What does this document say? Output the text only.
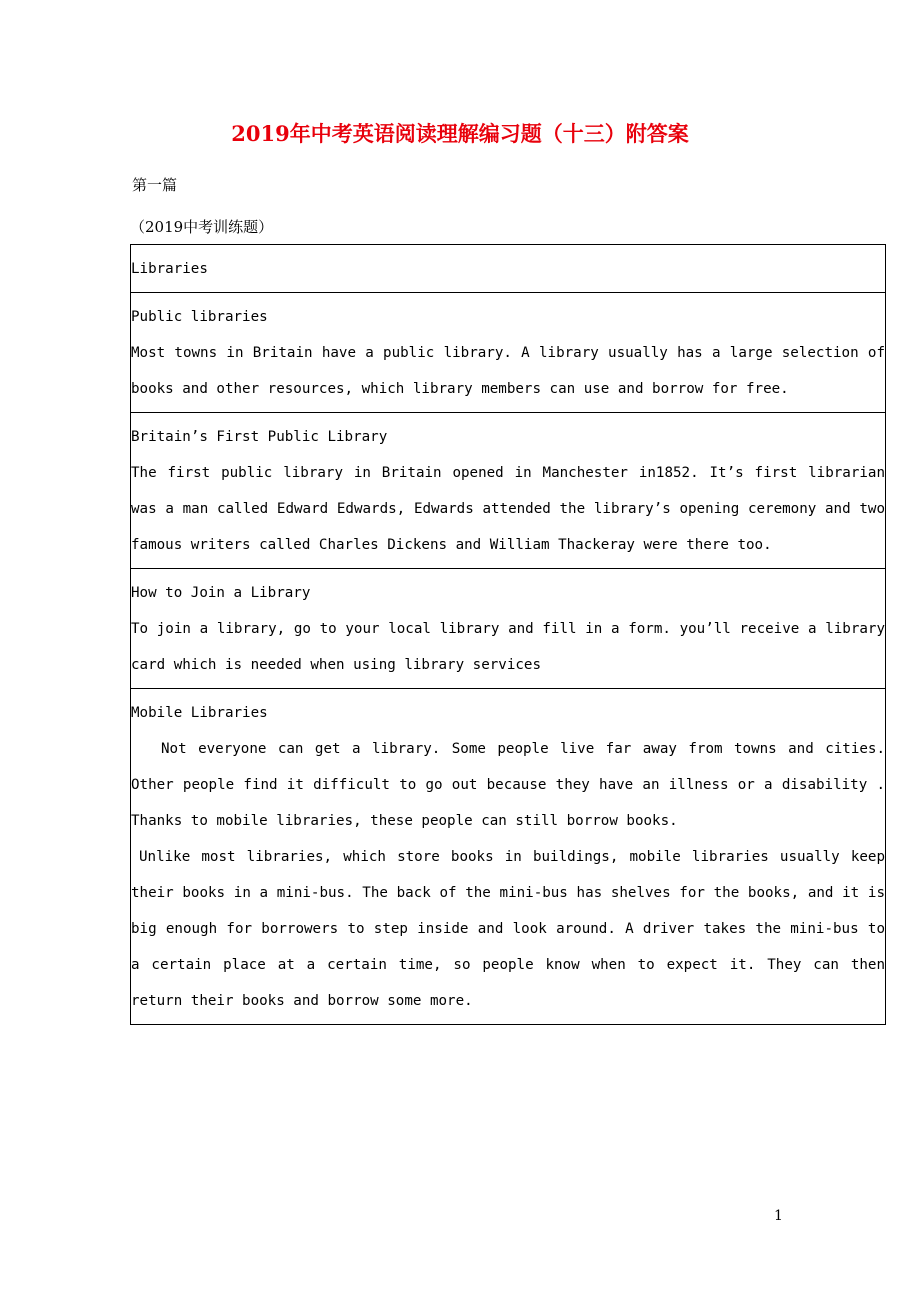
2019年中考英语阅读理解编习题（十三）附答案
第一篇
（2019中考训练题）
Libraries

Public libraries
Most towns in Britain have a public library. A library usually has a large selection of books and other resources, which library members can use and borrow for free.

Britain’s First Public Library
The first public library in Britain opened in Manchester in1852. It’s first librarian was a man called Edward Edwards, Edwards attended the library’s opening ceremony and two famous writers called Charles Dickens and William Thackeray were there too.

How to Join a Library
To join a library, go to your local library and fill in a form. you’ll receive a library card which is needed when using library services

Mobile Libraries
Not everyone can get a library. Some people live far away from towns and cities. Other people find it difficult to go out because they have an illness or a disability . Thanks to mobile libraries, these people can still borrow books.
Unlike most libraries, which store books in buildings, mobile libraries usually keep their books in a mini-bus. The back of the mini-bus has shelves for the books, and it is big enough for borrowers to step inside and look around. A driver takes the mini-bus to a certain place at a certain time, so people know when to expect it. They can then return their books and borrow some more.
1
